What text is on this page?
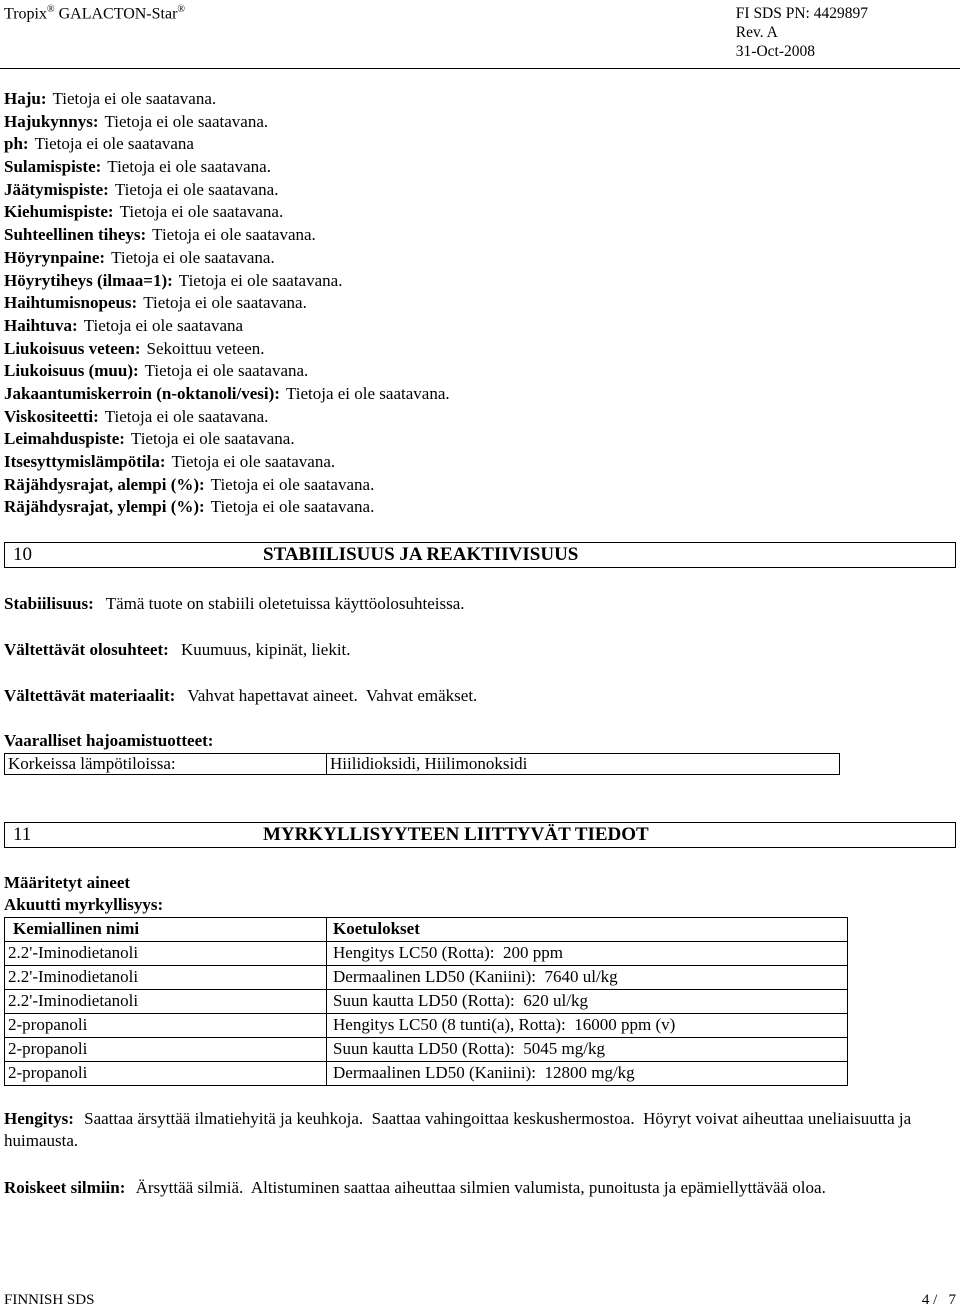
Tropix® GALACTON-Star®	FI SDS PN: 4429897
Rev. A
31-Oct-2008
Haju: Tietoja ei ole saatavana.
Hajukynnys: Tietoja ei ole saatavana.
ph: Tietoja ei ole saatavana
Sulamispiste: Tietoja ei ole saatavana.
Jäätymispiste: Tietoja ei ole saatavana.
Kiehumispiste: Tietoja ei ole saatavana.
Suhteellinen tiheys: Tietoja ei ole saatavana.
Höyrynpaine: Tietoja ei ole saatavana.
Höyrytiheys (ilmaa=1): Tietoja ei ole saatavana.
Haihtumisnopeus: Tietoja ei ole saatavana.
Haihtuva: Tietoja ei ole saatavana
Liukoisuus veteen: Sekoittuu veteen.
Liukoisuus (muu): Tietoja ei ole saatavana.
Jakaantumiskerroin (n-oktanoli/vesi): Tietoja ei ole saatavana.
Viskositeetti: Tietoja ei ole saatavana.
Leimahduspiste: Tietoja ei ole saatavana.
Itsesyttymislämpötila: Tietoja ei ole saatavana.
Räjähdysrajat, alempi (%): Tietoja ei ole saatavana.
Räjähdysrajat, ylempi (%): Tietoja ei ole saatavana.
10	STABIILISUUS JA REAKTIIVISUUS
Stabiilisuus: Tämä tuote on stabiili oletetuissa käyttöolosuhteissa.
Vältettävät olosuhteet: Kuumuus, kipinät, liekit.
Vältettävät materiaalit: Vahvat hapettavat aineet.  Vahvat emäkset.
Vaaralliset hajoamistuotteet:
Korkeissa lämpötiloissa:	Hiilidioksidi, Hiilimonoksidi
11	MYRKYLLISYYTEEN LIITTYVÄT TIEDOT
Määritetyt aineet
Akuutti myrkyllisyys:
Kemiallinen nimi	Koetulokset
2.2'-Iminodietanoli	Hengitys LC50 (Rotta):  200 ppm
2.2'-Iminodietanoli	Dermaalinen LD50 (Kaniini):  7640 ul/kg
2.2'-Iminodietanoli	Suun kautta LD50 (Rotta):  620 ul/kg
2-propanoli	Hengitys LC50 (8 tunti(a), Rotta):  16000 ppm (v)
2-propanoli	Suun kautta LD50 (Rotta):  5045 mg/kg
2-propanoli	Dermaalinen LD50 (Kaniini):  12800 mg/kg
Hengitys: Saattaa ärsyttää ilmatiehyitä ja keuhkoja.  Saattaa vahingoittaa keskushermostoa.  Höyryt voivat aiheuttaa uneliaisuutta ja huimausta.
Roiskeet silmiin: Ärsyttää silmiä.  Altistuminen saattaa aiheuttaa silmien valumista, punoitusta ja epämiellyttävää oloa.
FINNISH SDS	4 /   7
